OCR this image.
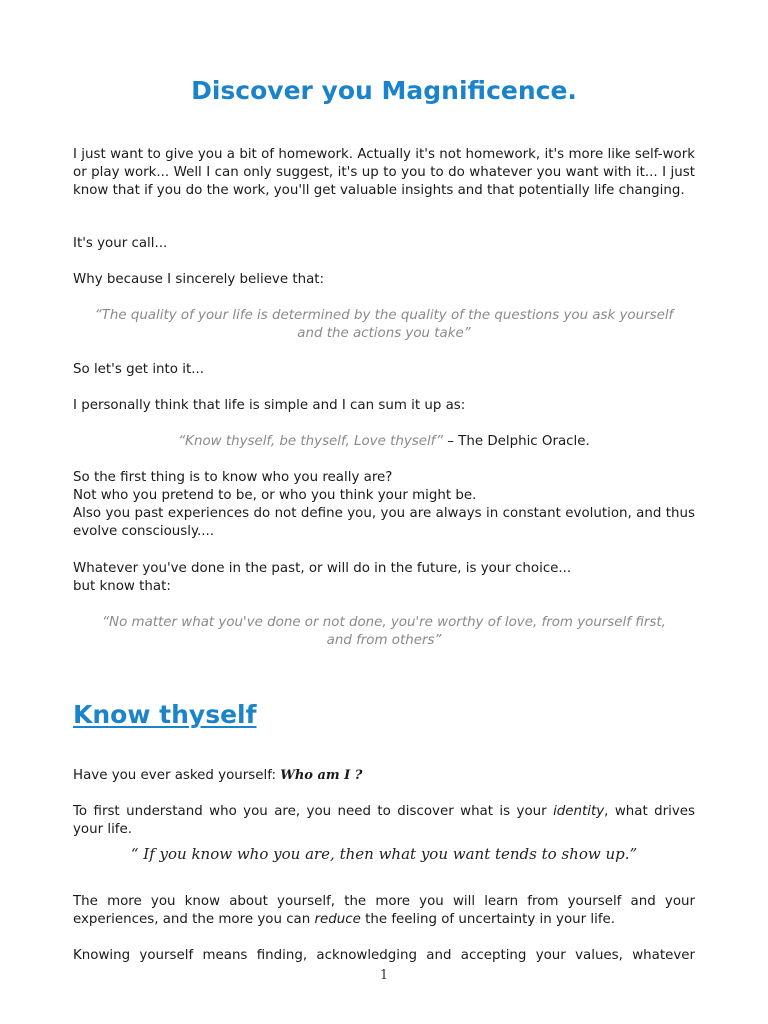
Discover you Magnificence.

I just want to give you a bit of homework. Actually it's not homework, it's more like self-work or play work... Well I can only suggest, it's up to you to do whatever you want with it... I just know that if you do the work, you'll get valuable insights and that potentially life changing.

It's your call...

Why because I sincerely believe that:

“The quality of your life is determined by the quality of the questions you ask yourself
and the actions you take”

So let's get into it...

I personally think that life is simple and I can sum it up as:

“Know thyself, be thyself, Love thyself” – The Delphic Oracle.

So the first thing is to know who you really are?

Not who you pretend to be, or who you think your might be.

Also you past experiences do not define you, you are always in constant evolution, and thus evolve consciously....

Whatever you've done in the past, or will do in the future, is your choice...

but know that:

“No matter what you've done or not done, you're worthy of love, from yourself first,
and from others”
Know thyself

Have you ever asked yourself: Who am I ?

To first understand who you are, you need to discover what is your identity, what drives your life.

“ If you know who you are, then what you want tends to show up.”

The more you know about yourself, the more you will learn from yourself and your experiences, and the more you can reduce the feeling of uncertainty in your life.

Knowing yourself means finding, acknowledging and accepting your values, whatever

1
